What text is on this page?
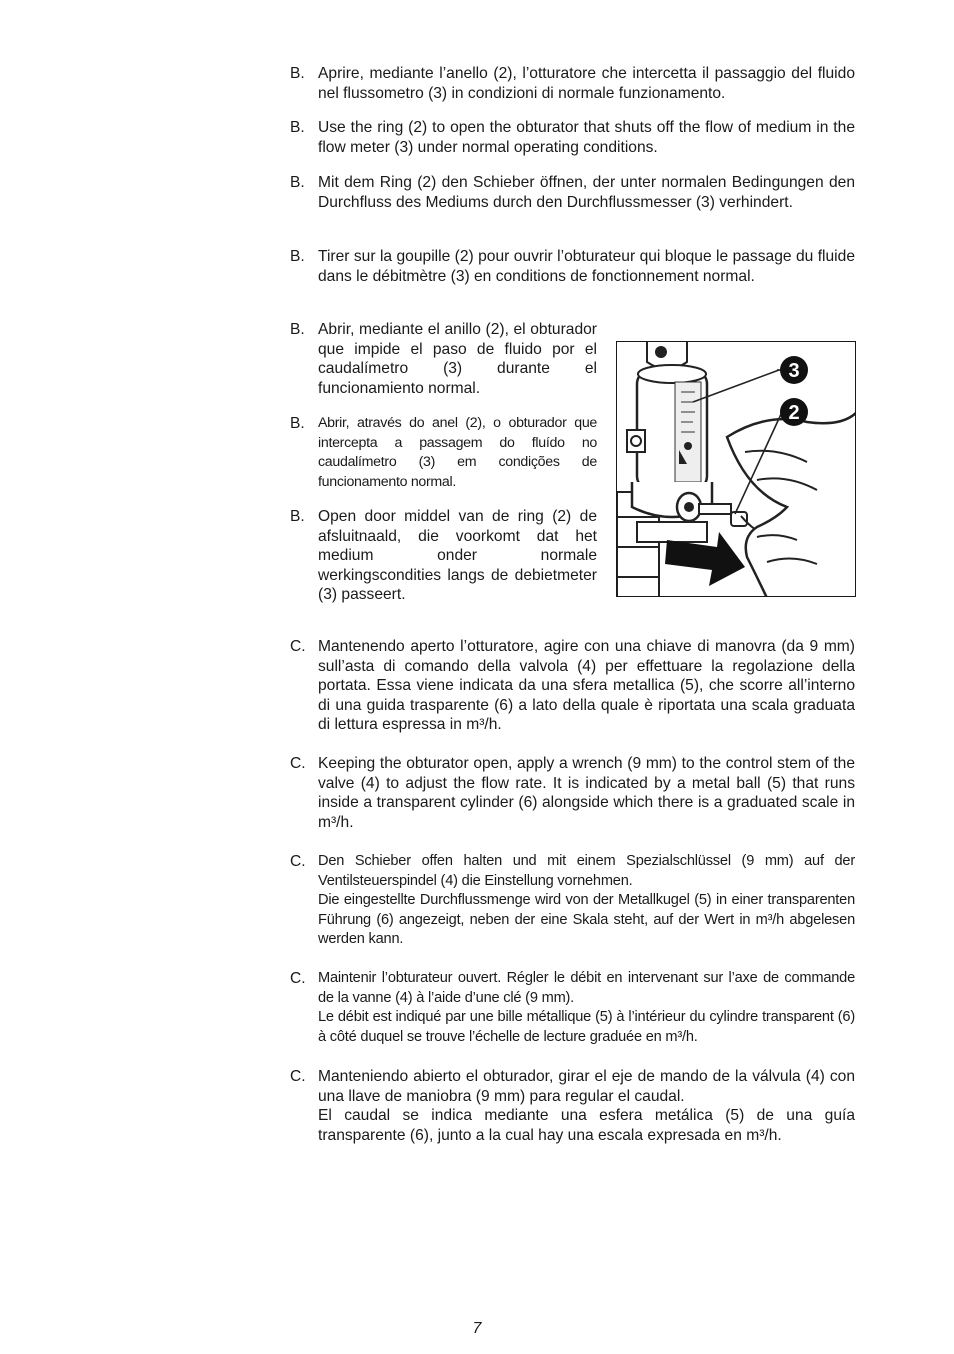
B. Aprire, mediante l’anello (2), l’otturatore che intercetta il passaggio del fluido nel flussometro (3) in condizioni di normale funzionamento.
B. Use the ring (2) to open the obturator that shuts off the flow of medium in the flow meter (3) under normal operating conditions.
B. Mit dem Ring (2) den Schieber öffnen, der unter normalen Bedingungen den Durchfluss des Mediums durch den Durchflussmesser (3) verhindert.
B. Tirer sur la goupille (2) pour ouvrir l’obturateur qui bloque le passage du fluide dans le débitmètre (3) en conditions de fonctionnement normal.
B. Abrir, mediante el anillo (2), el obturador que impide el paso de fluido por el caudalímetro (3) durante el funcionamiento normal.
B. Abrir, através do anel (2), o obturador que intercepta a passagem do fluído no caudalímetro (3) em condições de funcionamento normal.
B. Open door middel van de ring (2) de afsluitnaald, die voorkomt dat het medium onder normale werkingscondities langs de debietmeter (3) passeert.
3
2
C. Mantenendo aperto l’otturatore, agire con una chiave di manovra (da 9 mm) sull’asta di comando della valvola (4) per effettuare la regolazione della portata. Essa viene indicata da una sfera metallica (5), che scorre all’interno di una guida trasparente (6) a lato della quale è riportata una scala graduata di lettura espressa in m³/h.
C. Keeping the obturator open, apply a wrench (9 mm) to the control stem of the valve (4) to adjust the flow rate. It is indicated by a metal ball (5) that runs inside a transparent cylinder (6) alongside which there is a graduated scale in m³/h.
C. Den Schieber offen halten und mit einem Spezialschlüssel (9 mm) auf der Ventilsteuerspindel (4) die Einstellung vornehmen.
Die eingestellte Durchflussmenge wird von der Metallkugel (5) in einer transparenten Führung (6) angezeigt, neben der eine Skala steht, auf der Wert in m³/h abgelesen werden kann.
C. Maintenir l’obturateur ouvert. Régler le débit en intervenant sur l’axe de commande de la vanne (4) à l’aide d’une clé (9 mm).
Le débit est indiqué par une bille métallique (5) à l’intérieur du cylindre transparent (6) à côté duquel se trouve l’échelle de lecture graduée en m³/h.
C. Manteniendo abierto el obturador, girar el eje de mando de la válvula (4) con una llave de maniobra (9 mm) para regular el caudal.
El caudal se indica mediante una esfera metálica (5) de una guía transparente (6), junto a la cual hay una escala expresada en m³/h.
7
